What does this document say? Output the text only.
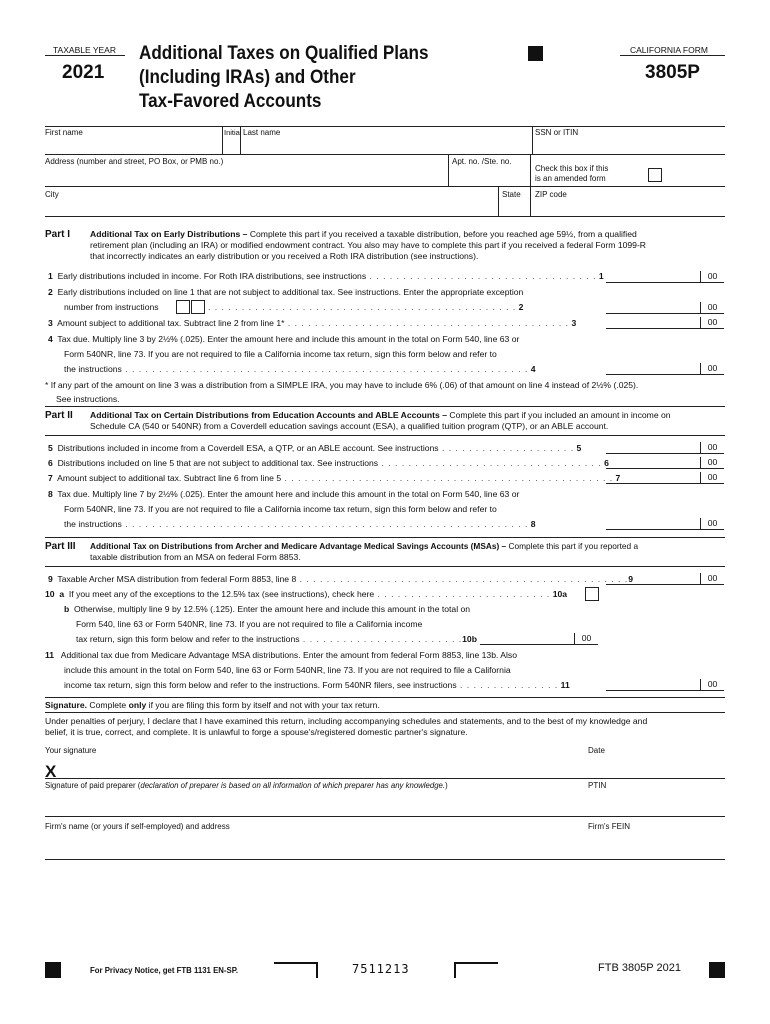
TAXABLE YEAR
2021
Additional Taxes on Qualified Plans
(Including IRAs) and Other
Tax-Favored Accounts
CALIFORNIA FORM
3805P
First name	Initial Last name	SSN or ITIN
Address (number and street, PO Box, or PMB no.)	Apt. no. /Ste. no.
Check this box if this
is an amended form
City	State ZIP code
Part I Additional Tax on Early Distributions – Complete this part if you received a taxable distribution, before you reached age 59½, from a qualified
retirement plan (including an IRA) or modified endowment contract. You also may have to complete this part if you received a federal Form 1099-R
that incorrectly indicates an early distribution or you received a Roth IRA distribution (see instructions).
1 Early distributions included in income. For Roth IRA distributions, see instructions . . . . . . . . . . . . . . . . . . . . . . . . . . . . . . . . . . 1	00
2 Early distributions included on line 1 that are not subject to additional tax. See instructions. Enter the appropriate exception
number from instructions	. . . . . . . . . . . . . . . . . . . . . . . . . . . . . . . . . . . . . . . . . . . . . . 2	00
3 Amount subject to additional tax. Subtract line 2 from line 1* . . . . . . . . . . . . . . . . . . . . . . . . . . . . . . . . . . . . . . . . . . 3	00
4 Tax due. Multiply line 3 by 2½% (.025). Enter the amount here and include this amount in the total on Form 540, line 63 or
Form 540NR, line 73. If you are not required to file a California income tax return, sign this form below and refer to
the instructions . . . . . . . . . . . . . . . . . . . . . . . . . . . . . . . . . . . . . . . . . . . . . . . . . . . . . . . . . . . . 4	00
* If any part of the amount on line 3 was a distribution from a SIMPLE IRA, you may have to include 6% (.06) of that amount on line 4 instead of 2½% (.025).
See instructions.
Part II Additional Tax on Certain Distributions from Education Accounts and ABLE Accounts – Complete this part if you included an amount in income on
Schedule CA (540 or 540NR) from a Coverdell education savings account (ESA), a qualified tuition program (QTP), or an ABLE account.
5 Distributions included in income from a Coverdell ESA, a QTP, or an ABLE account. See instructions . . . . . . . . . . . . . . . . . . . . 5	00
6 Distributions included on line 5 that are not subject to additional tax. See instructions . . . . . . . . . . . . . . . . . . . . . . . . . . . . . . . . . 6	00
7 Amount subject to additional tax. Subtract line 6 from line 5 . . . . . . . . . . . . . . . . . . . . . . . . . . . . . . . . . . . . . . . . . . . . . . . . . 7	00
8 Tax due. Multiply line 7 by 2½% (.025). Enter the amount here and include this amount in the total on Form 540, line 63 or
Form 540NR, line 73. If you are not required to file a California income tax return, sign this form below and refer to
the instructions . . . . . . . . . . . . . . . . . . . . . . . . . . . . . . . . . . . . . . . . . . . . . . . . . . . . . . . . . . . . 8	00
Part III Additional Tax on Distributions from Archer and Medicare Advantage Medical Savings Accounts (MSAs) – Complete this part if you reported a
taxable distribution from an MSA on federal Form 8853.
9 Taxable Archer MSA distribution from federal Form 8853, line 8 . . . . . . . . . . . . . . . . . . . . . . . . . . . . . . . . . . . . . . . . . . . . . . . . .9	00
10  a If you meet any of the exceptions to the 12.5% tax (see instructions), check here . . . . . . . . . . . . . . . . . . . . . . . . . . 10a
b Otherwise, multiply line 9 by 12.5% (.125). Enter the amount here and include this amount in the total on
Form 540, line 63 or Form 540NR, line 73. If you are not required to file a California income
tax return, sign this form below and refer to the instructions . . . . . . . . . . . . . . . . . . . . . . . .10b	00
11 Additional tax due from Medicare Advantage MSA distributions. Enter the amount from federal Form 8853, line 13b. Also
include this amount in the total on Form 540, line 63 or Form 540NR, line 73. If you are not required to file a California
income tax return, sign this form below and refer to the instructions. Form 540NR filers, see instructions . . . . . . . . . . . . . . . 11	00
Signature. Complete only if you are filing this form by itself and not with your tax return.
Under penalties of perjury, I declare that I have examined this return, including accompanying schedules and statements, and to the best of my knowledge and
belief, it is true, correct, and complete. It is unlawful to forge a spouse's/registered domestic partner's signature.
Your signature	Date
X
Signature of paid preparer (declaration of preparer is based on all information of which preparer has any knowledge.)	PTIN
Firm's name (or yours if self-employed) and address	Firm's FEIN
For Privacy Notice, get FTB 1131 EN-SP.	7511213	FTB 3805P 2021
